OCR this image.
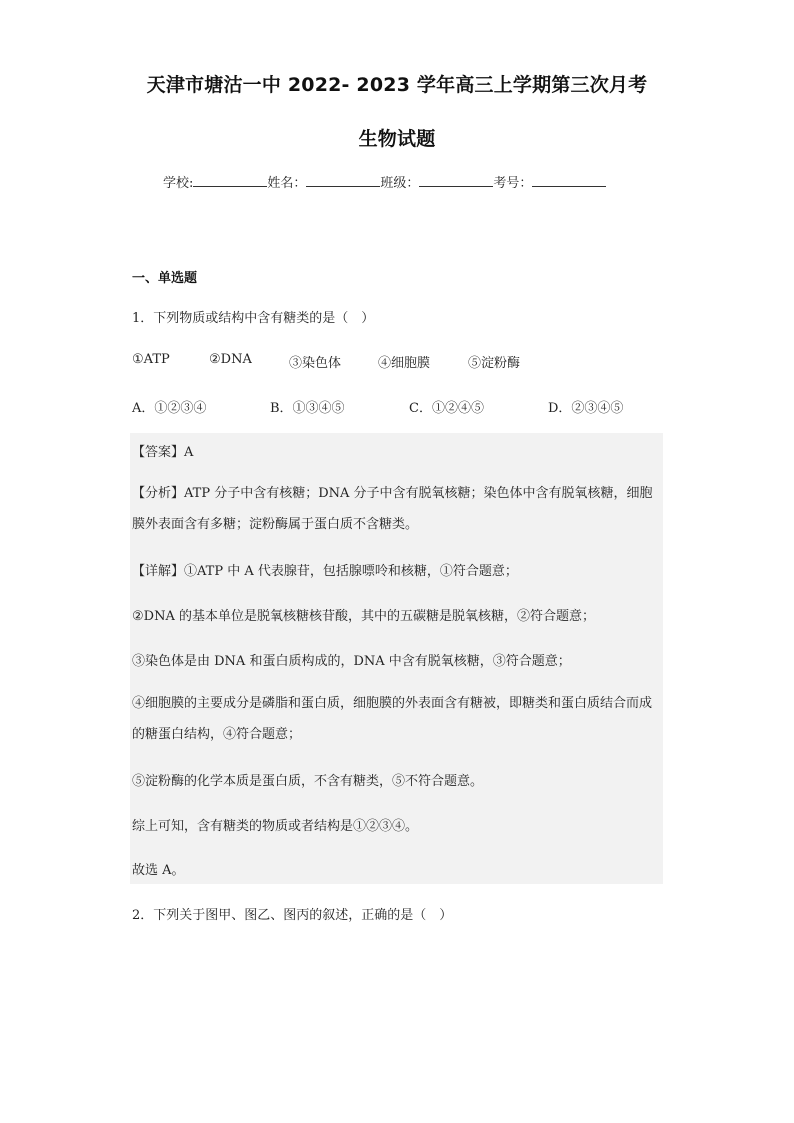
天津市塘沽一中 2022- 2023 学年高三上学期第三次月考
生物试题
学校:	姓名：	班级：	考号：
一、单选题
1．下列物质或结构中含有糖类的是（　）
①ATP	②DNA	③染色体	④细胞膜	⑤淀粉酶
A．①②③④	B．①③④⑤	C．①②④⑤	D．②③④⑤
【答案】A
【分析】ATP 分子中含有核糖；DNA 分子中含有脱氧核糖；染色体中含有脱氧核糖，细胞膜外表面含有多糖；淀粉酶属于蛋白质不含糖类。
【详解】①ATP 中 A 代表腺苷，包括腺嘌呤和核糖，①符合题意；
②DNA 的基本单位是脱氧核糖核苷酸，其中的五碳糖是脱氧核糖，②符合题意；
③染色体是由 DNA 和蛋白质构成的，DNA 中含有脱氧核糖，③符合题意；
④细胞膜的主要成分是磷脂和蛋白质，细胞膜的外表面含有糖被，即糖类和蛋白质结合而成的糖蛋白结构，④符合题意；
⑤淀粉酶的化学本质是蛋白质，不含有糖类，⑤不符合题意。
综上可知，含有糖类的物质或者结构是①②③④。
故选 A。
2．下列关于图甲、图乙、图丙的叙述，正确的是（　）
